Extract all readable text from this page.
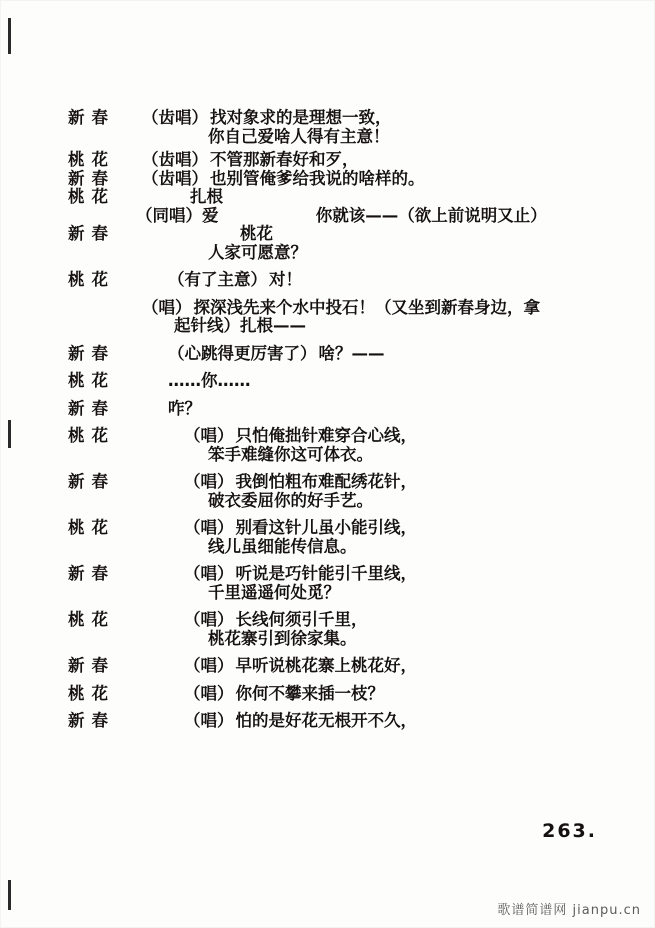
新春	（齿唱） 找对象求的是理想一致，
你自己爱啥人得有主意！
桃花	（齿唱） 不管那新春好和歹，
新春	（齿唱） 也别管俺爹给我说的啥样的。
桃花	扎根
（同唱）爱	你就该——（欲上前说明又止）
新春	桃花
人家可愿意？
桃花	（有了主意） 对！
（唱） 探深浅先来个水中投石！（又坐到新春身边，拿
起针线）扎根——
新春	（心跳得更厉害了） 啥？——
桃花	……你……
新春	咋？
桃花	（唱） 只怕俺拙针难穿合心线，
笨手难缝你这可体衣。
新春	（唱） 我倒怕粗布难配绣花针，
破衣委屈你的好手艺。
桃花	（唱） 别看这针儿虽小能引线，
线儿虽细能传信息。
新春	（唱） 听说是巧针能引千里线，
千里遥遥何处觅？
桃花	（唱） 长线何须引千里，
桃花寨引到徐家集。
新春	（唱） 早听说桃花寨上桃花好，
桃花	（唱） 你何不攀来插一枝？
新春	（唱） 怕的是好花无根开不久，
263.
歌谱简谱网 jianpu.cn
